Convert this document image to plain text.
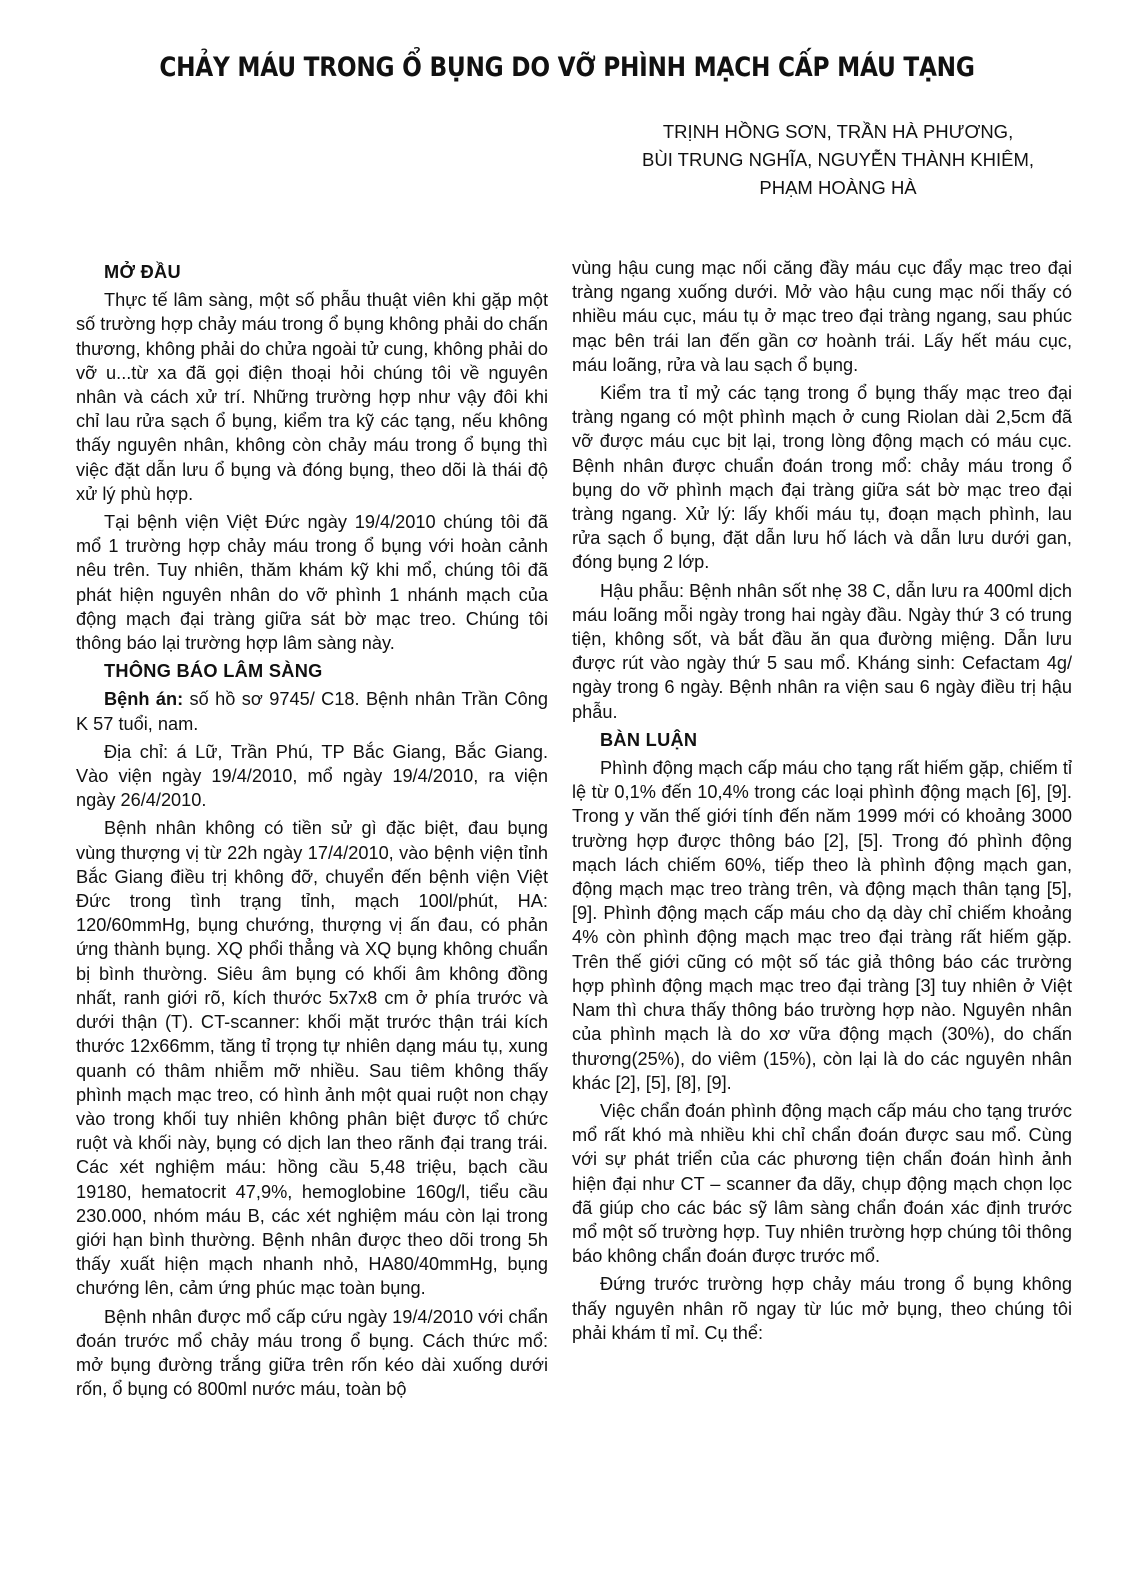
CHẢY MÁU TRONG Ổ BỤNG DO VỠ PHÌNH MẠCH CẤP MÁU TẠNG
TRỊNH HỒNG SƠN, TRẦN HÀ PHƯƠNG,
BÙI TRUNG NGHĨA, NGUYỄN THÀNH KHIÊM,
PHẠM HOÀNG HÀ
MỞ ĐẦU

Thực tế lâm sàng, một số phẫu thuật viên khi gặp một số trường hợp chảy máu trong ổ bụng không phải do chấn thương, không phải do chửa ngoài tử cung, không phải do vỡ u...từ xa đã gọi điện thoại hỏi chúng tôi về nguyên nhân và cách xử trí. Những trường hợp như vậy đôi khi chỉ lau rửa sạch ổ bụng, kiểm tra kỹ các tạng, nếu không thấy nguyên nhân, không còn chảy máu trong ổ bụng thì việc đặt dẫn lưu ổ bụng và đóng bụng, theo dõi là thái độ xử lý phù hợp.

Tại bệnh viện Việt Đức ngày 19/4/2010 chúng tôi đã mổ 1 trường hợp chảy máu trong ổ bụng với hoàn cảnh nêu trên. Tuy nhiên, thăm khám kỹ khi mổ, chúng tôi đã phát hiện nguyên nhân do vỡ phình 1 nhánh mạch của động mạch đại tràng giữa sát bờ mạc treo. Chúng tôi thông báo lại trường hợp lâm sàng này.

THÔNG BÁO LÂM SÀNG

Bệnh án: số hồ sơ 9745/ C18. Bệnh nhân Trần Công K 57 tuổi, nam.

Địa chỉ: á Lữ, Trần Phú, TP Bắc Giang, Bắc Giang. Vào viện ngày 19/4/2010, mổ ngày 19/4/2010, ra viện ngày 26/4/2010.

Bệnh nhân không có tiền sử gì đặc biệt, đau bụng vùng thượng vị từ 22h ngày 17/4/2010, vào bệnh viện tỉnh Bắc Giang điều trị không đỡ, chuyển đến bệnh viện Việt Đức trong tình trạng tỉnh, mạch 100l/phút, HA: 120/60mmHg, bụng chướng, thượng vị ấn đau, có phản ứng thành bụng. XQ phổi thẳng và XQ bụng không chuẩn bị bình thường. Siêu âm bụng có khối âm không đồng nhất, ranh giới rõ, kích thước 5x7x8 cm ở phía trước và dưới thận (T). CT-scanner: khối mặt trước thận trái kích thước 12x66mm, tăng tỉ trọng tự nhiên dạng máu tụ, xung quanh có thâm nhiễm mỡ nhiều. Sau tiêm không thấy phình mạch mạc treo, có hình ảnh một quai ruột non chạy vào trong khối tuy nhiên không phân biệt được tổ chức ruột và khối này, bụng có dịch lan theo rãnh đại trang trái. Các xét nghiệm máu: hồng cầu 5,48 triệu, bạch cầu 19180, hematocrit 47,9%, hemoglobine 160g/l, tiểu cầu 230.000, nhóm máu B, các xét nghiệm máu còn lại trong giới hạn bình thường. Bệnh nhân được theo dõi trong 5h thấy xuất hiện mạch nhanh nhỏ, HA80/40mmHg, bụng chướng lên, cảm ứng phúc mạc toàn bụng.

Bệnh nhân được mổ cấp cứu ngày 19/4/2010 với chẩn đoán trước mổ chảy máu trong ổ bụng. Cách thức mổ: mở bụng đường trắng giữa trên rốn kéo dài xuống dưới rốn, ổ bụng có 800ml nước máu, toàn bộ

vùng hậu cung mạc nối căng đầy máu cục đẩy mạc treo đại tràng ngang xuống dưới. Mở vào hậu cung mạc nối thấy có nhiều máu cục, máu tụ ở mạc treo đại tràng ngang, sau phúc mạc bên trái lan đến gần cơ hoành trái. Lấy hết máu cục, máu loãng, rửa và lau sạch ổ bụng.

Kiểm tra tỉ mỷ các tạng trong ổ bụng thấy mạc treo đại tràng ngang có một phình mạch ở cung Riolan dài 2,5cm đã vỡ được máu cục bịt lại, trong lòng động mạch có máu cục. Bệnh nhân được chuẩn đoán trong mổ: chảy máu trong ổ bụng do vỡ phình mạch đại tràng giữa sát bờ mạc treo đại tràng ngang. Xử lý: lấy khối máu tụ, đoạn mạch phình, lau rửa sạch ổ bụng, đặt dẫn lưu hố lách và dẫn lưu dưới gan, đóng bụng 2 lớp.

Hậu phẫu: Bệnh nhân sốt nhẹ 38 C, dẫn lưu ra 400ml dịch máu loãng mỗi ngày trong hai ngày đầu. Ngày thứ 3 có trung tiện, không sốt, và bắt đầu ăn qua đường miệng. Dẫn lưu được rút vào ngày thứ 5 sau mổ. Kháng sinh: Cefactam 4g/ ngày trong 6 ngày. Bệnh nhân ra viện sau 6 ngày điều trị hậu phẫu.

BÀN LUẬN

Phình động mạch cấp máu cho tạng rất hiếm gặp, chiếm tỉ lệ từ 0,1% đến 10,4% trong các loại phình động mạch [6], [9]. Trong y văn thế giới tính đến năm 1999 mới có khoảng 3000 trường hợp được thông báo [2], [5]. Trong đó phình động mạch lách chiếm 60%, tiếp theo là phình động mạch gan, động mạch mạc treo tràng trên, và động mạch thân tạng [5], [9]. Phình động mạch cấp máu cho dạ dày chỉ chiếm khoảng 4% còn phình động mạch mạc treo đại tràng rất hiếm gặp. Trên thế giới cũng có một số tác giả thông báo các trường hợp phình động mạch mạc treo đại tràng [3] tuy nhiên ở Việt Nam thì chưa thấy thông báo trường hợp nào. Nguyên nhân của phình mạch là do xơ vữa động mạch (30%), do chấn thương(25%), do viêm (15%), còn lại là do các nguyên nhân khác [2], [5], [8], [9].

Việc chẩn đoán phình động mạch cấp máu cho tạng trước mổ rất khó mà nhiều khi chỉ chẩn đoán được sau mổ. Cùng với sự phát triển của các phương tiện chẩn đoán hình ảnh hiện đại như CT – scanner đa dãy, chụp động mạch chọn lọc đã giúp cho các bác sỹ lâm sàng chẩn đoán xác định trước mổ một số trường hợp. Tuy nhiên trường hợp chúng tôi thông báo không chẩn đoán được trước mổ.

Đứng trước trường hợp chảy máu trong ổ bụng không thấy nguyên nhân rõ ngay từ lúc mở bụng, theo chúng tôi phải khám tỉ mỉ. Cụ thể:
